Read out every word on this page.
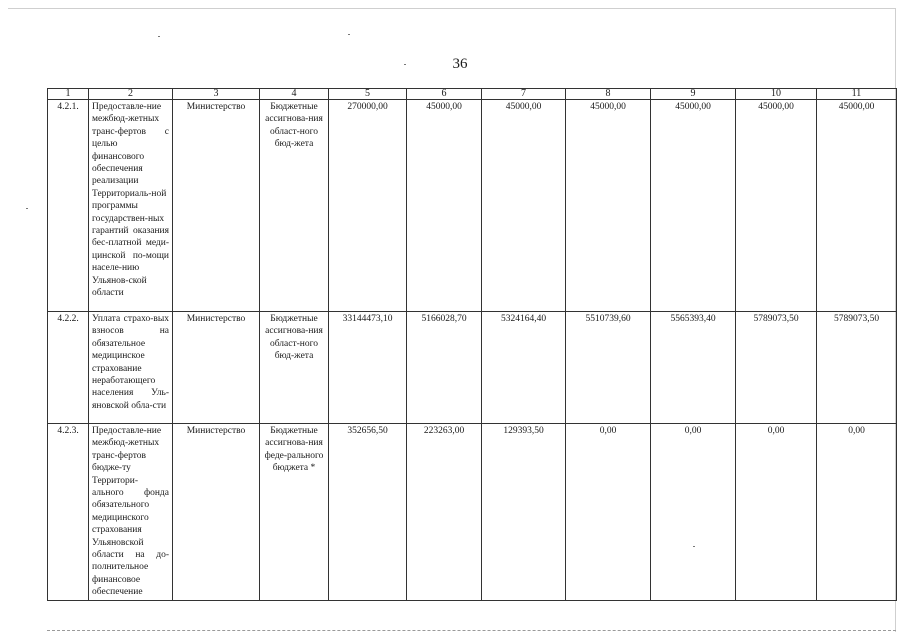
36
1	2	3	4	5	6	7	8	9	10	11
4.2.1.	Предоставле-ние межбюд-жетных транс-фертов с целью финансового обеспечения реализации Территориаль-ной программы государствен-ных гарантий оказания бес-платной меди-цинской по-мощи населе-нию Ульянов-ской области	Министерство	Бюджетные ассигнова-ния област-ного бюд-жета	270000,00	45000,00	45000,00	45000,00	45000,00	45000,00	45000,00
4.2.2.	Уплата страхо-вых взносов на обязательное медицинское страхование неработающего населения Уль-яновской обла-сти	Министерство	Бюджетные ассигнова-ния област-ного бюд-жета	33144473,10	5166028,70	5324164,40	5510739,60	5565393,40	5789073,50	5789073,50
4.2.3.	Предоставле-ние межбюд-жетных транс-фертов бюдже-ту Территори-ального фонда обязательного медицинского страхования Ульяновской области на до-полнительное финансовое обеспечение	Министерство	Бюджетные ассигнова-ния феде-рального бюджета *	352656,50	223263,00	129393,50	0,00	0,00	0,00	0,00
